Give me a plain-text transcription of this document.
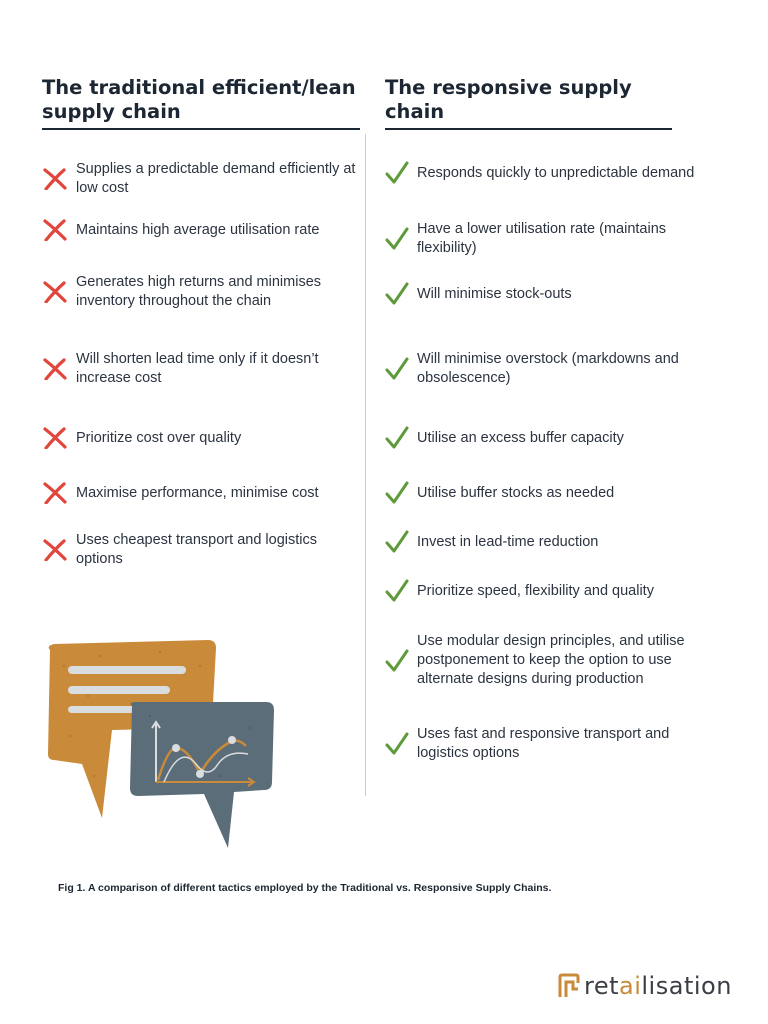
The traditional efficient/lean supply chain
The responsive supply chain
Supplies a predictable demand efficiently at low cost
Maintains high average utilisation rate
Generates high returns and minimises inventory throughout the chain
Will shorten lead time only if it doesn’t increase cost
Prioritize cost over quality
Maximise performance, minimise cost
Uses cheapest transport and logistics options
Responds quickly to unpredictable demand
Have a lower utilisation rate (maintains flexibility)
Will minimise stock-outs
Will minimise overstock (markdowns and obsolescence)
Utilise an excess buffer capacity
Utilise buffer stocks as needed
Invest in lead-time reduction
Prioritize speed, flexibility and quality
Use modular design principles, and utilise postponement to keep the option to use alternate designs during production
Uses fast and responsive transport and logistics options
Fig 1. A comparison of different tactics employed by the Traditional vs. Responsive Supply Chains.
retailisation
